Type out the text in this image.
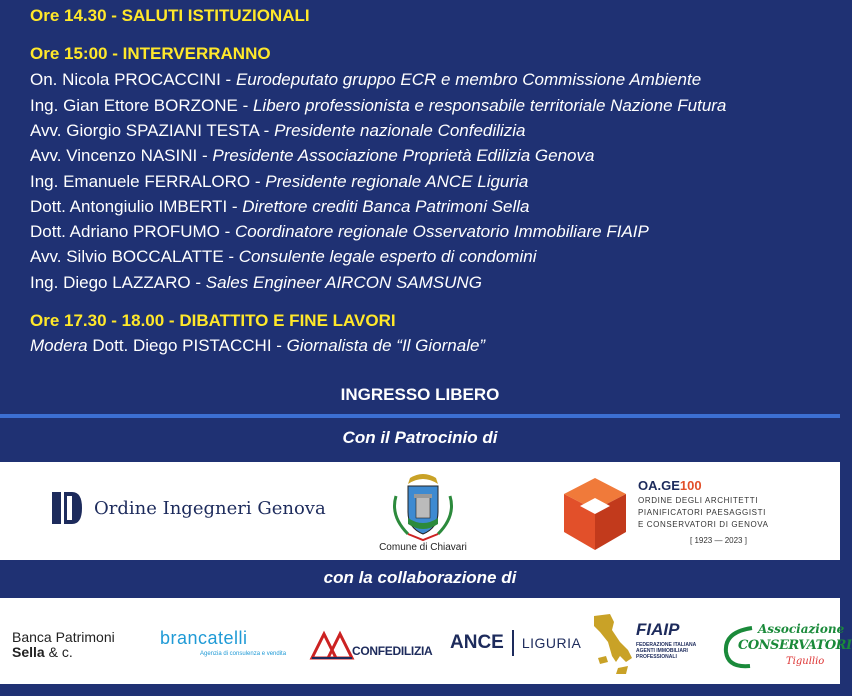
Ore 14.30 - SALUTI ISTITUZIONALI
Ore 15:00 - INTERVERRANNO
On. Nicola PROCACCINI - Eurodeputato gruppo ECR e membro Commissione Ambiente
Ing. Gian Ettore BORZONE - Libero professionista e responsabile territoriale Nazione Futura
Avv. Giorgio SPAZIANI TESTA - Presidente nazionale Confedilizia
Avv. Vincenzo NASINI - Presidente Associazione Proprietà Edilizia Genova
Ing. Emanuele FERRALORO - Presidente regionale ANCE Liguria
Dott. Antongiulio IMBERTI - Direttore crediti Banca Patrimoni Sella
Dott. Adriano PROFUMO - Coordinatore regionale Osservatorio Immobiliare FIAIP
Avv. Silvio BOCCALATTE - Consulente legale esperto di condomini
Ing. Diego LAZZARO - Sales Engineer AIRCON SAMSUNG
Ore 17.30 - 18.00 - DIBATTITO E FINE LAVORI
Modera Dott. Diego PISTACCHI - Giornalista de “Il Giornale”
INGRESSO LIBERO
Con il Patrocinio di
Ordine Ingegneri Genova
Comune di Chiavari
OA.GE100
ORDINE DEGLI ARCHITETTI
PIANIFICATORI PAESAGGISTI
E CONSERVATORI DI GENOVA
[ 1923 — 2023 ]
con la collaborazione di
Banca Patrimoni
Sella & c.
brancatelli
Agenzia di consulenza e vendita	CONFEDILIZIA ANCE LIGURIA
FIAIP
FEDERAZIONE ITALIANA
AGENTI IMMOBILIARI
PROFESSIONALI
Associazione
CONSERVATORI
Tigullio
